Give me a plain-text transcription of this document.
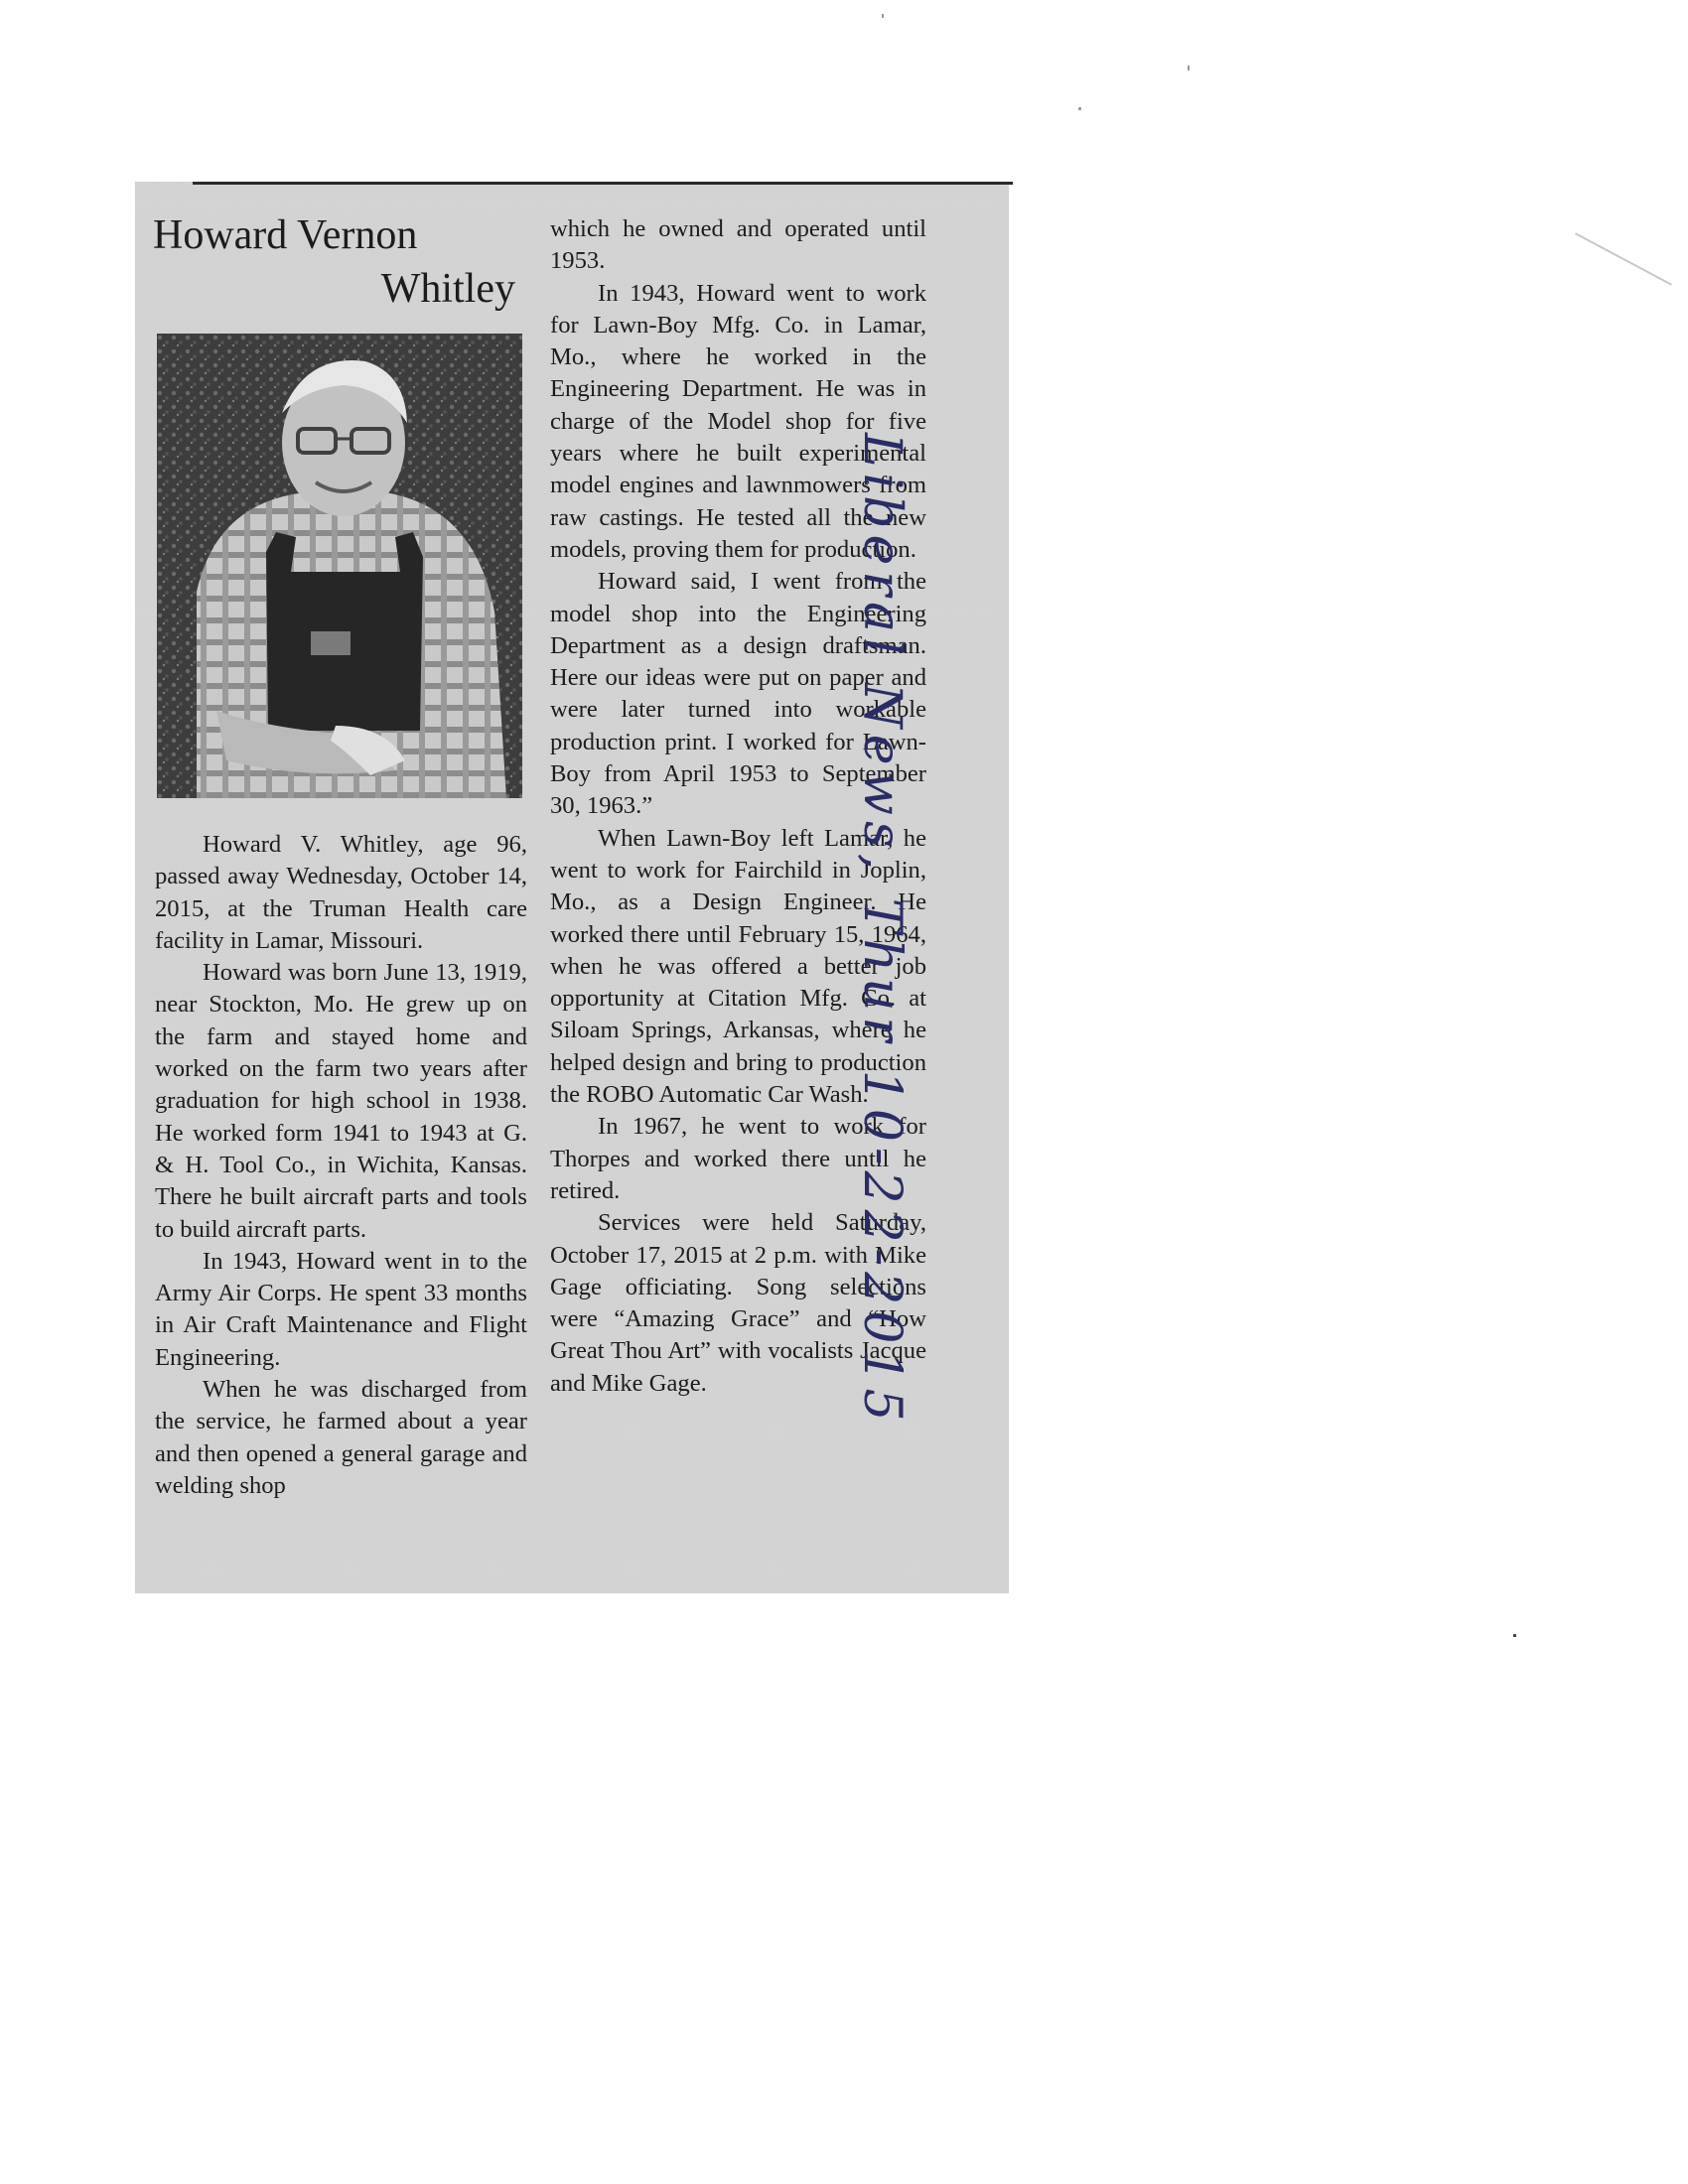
Howard Vernon
Whitley

Howard V. Whitley, age 96, passed away Wednesday, October 14, 2015, at the Truman Health care facility in Lamar, Missouri.

Howard was born June 13, 1919, near Stockton, Mo. He grew up on the farm and stayed home and worked on the farm two years after graduation for high school in 1938. He worked form 1941 to 1943 at G. & H. Tool Co., in Wichita, Kansas. There he built aircraft parts and tools to build aircraft parts.

In 1943, Howard went in to the Army Air Corps. He spent 33 months in Air Craft Maintenance and Flight Engineering.

When he was discharged from the service, he farmed about a year and then opened a general garage and welding shop

which he owned and operated until 1953.

In 1943, Howard went to work for Lawn-Boy Mfg. Co. in Lamar, Mo., where he worked in the Engineering Department. He was in charge of the Model shop for five years where he built experimental model engines and lawnmowers from raw castings. He tested all the new models, proving them for production.

Howard said, I went from the model shop into the Engineering Department as a design draftsman. Here our ideas were put on paper and were later turned into workable production print. I worked for Lawn-Boy from April 1953 to September 30, 1963.”

When Lawn-Boy left Lamar, he went to work for Fairchild in Joplin, Mo., as a Design Engineer. He worked there until February 15, 1964, when he was offered a better job opportunity at Citation Mfg. Co. at Siloam Springs, Arkansas, where he helped design and bring to production the ROBO Automatic Car Wash.

In 1967, he went to work for Thorpes and worked there until he retired.

Services were held Saturday, October 17, 2015 at 2 p.m. with Mike Gage officiating. Song selections were “Amazing Grace” and “How Great Thou Art” with vocalists Jacque and Mike Gage.	Liberal News, Thur 10-22-2015
